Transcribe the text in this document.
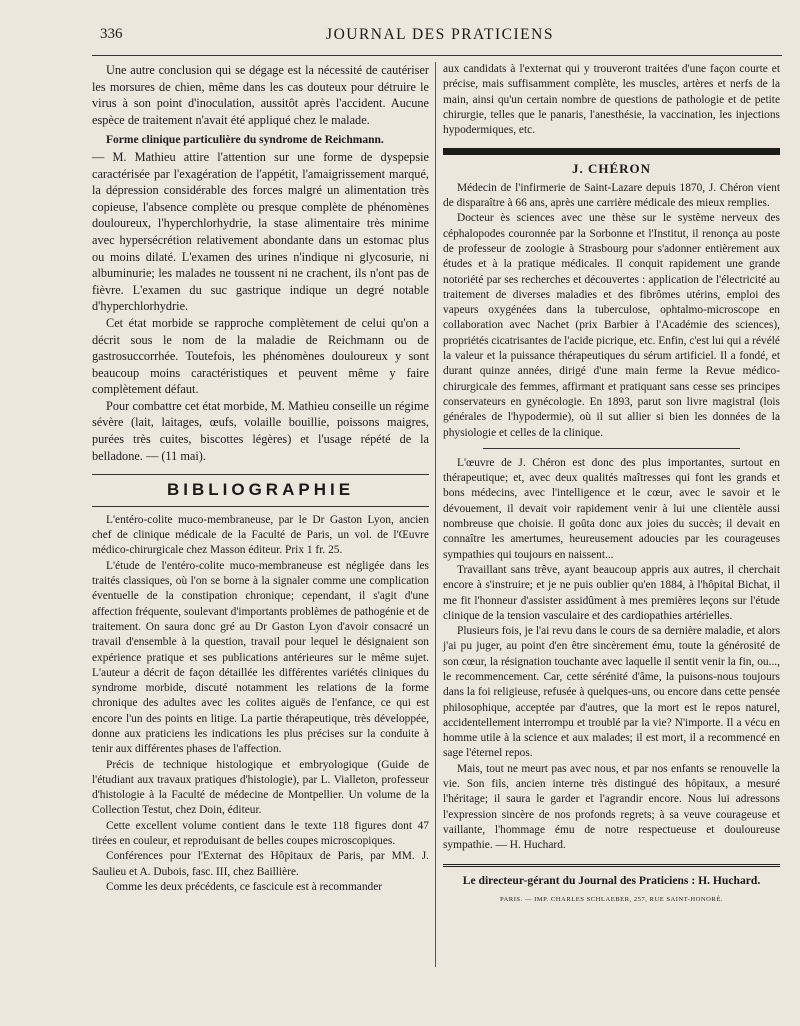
336	JOURNAL DES PRATICIENS

Une autre conclusion qui se dégage est la nécessité de cautériser les morsures de chien, même dans les cas douteux pour détruire le virus à son point d'inoculation, aussitôt après l'accident. Aucune espèce de traitement n'avait été appliqué chez le malade.

Forme clinique particulière du syndrome de Reichmann.

— M. Mathieu attire l'attention sur une forme de dyspepsie caractérisée par l'exagération de l'appétit, l'amaigrissement marqué, la dépression considérable des forces malgré un alimentation très copieuse, l'absence complète ou presque complète de phénomènes douloureux, l'hyperchlorhydrie, la stase alimentaire très minime avec hypersécrétion relativement abondante dans un estomac plus ou moins dilaté. L'examen des urines n'indique ni glycosurie, ni albuminurie; les malades ne toussent ni ne crachent, ils n'ont pas de fièvre. L'examen du suc gastrique indique un degré notable d'hyperchlorhydrie.

Cet état morbide se rapproche complètement de celui qu'on a décrit sous le nom de la maladie de Reichmann ou de gastrosuccorrhée. Toutefois, les phénomènes douloureux y sont beaucoup moins caractéristiques et peuvent même y faire complètement défaut.

Pour combattre cet état morbide, M. Mathieu conseille un régime sévère (lait, laitages, œufs, volaille bouillie, poissons maigres, purées très cuites, biscottes légères) et l'usage répété de la belladone. — (11 mai).

BIBLIOGRAPHIE

L'entéro-colite muco-membraneuse, par le Dr Gaston Lyon, ancien chef de clinique médicale de la Faculté de Paris, un vol. de l'Œuvre médico-chirurgicale chez Masson éditeur. Prix 1 fr. 25.

L'étude de l'entéro-colite muco-membraneuse est négligée dans les traités classiques, où l'on se borne à la signaler comme une complication éventuelle de la constipation chronique; cependant, il s'agit d'une affection fréquente, soulevant d'importants problèmes de pathogénie et de traitement. On saura donc gré au Dr Gaston Lyon d'avoir consacré un travail d'ensemble à la question, travail pour lequel le désignaient son expérience pratique et ses publications antérieures sur le même sujet. L'auteur a décrit de façon détaillée les différentes variétés cliniques du syndrome morbide, discuté notamment les relations de la forme chronique des adultes avec les colites aiguës de l'enfance, ce qui est encore l'un des points en litige. La partie thérapeutique, très développée, donne aux praticiens les indications les plus précises sur la conduite à tenir aux différentes phases de l'affection.

Précis de technique histologique et embryologique (Guide de l'étudiant aux travaux pratiques d'histologie), par L. Vialleton, professeur d'histologie à la Faculté de médecine de Montpellier. Un volume de la Collection Testut, chez Doin, éditeur.

Cette excellent volume contient dans le texte 118 figures dont 47 tirées en couleur, et reproduisant de belles coupes microscopiques.

Conférences pour l'Externat des Hôpitaux de Paris, par MM. J. Saulieu et A. Dubois, fasc. III, chez Baillière.

Comme les deux précédents, ce fascicule est à recommander

aux candidats à l'externat qui y trouveront traitées d'une façon courte et précise, mais suffisamment complète, les muscles, artères et nerfs de la main, ainsi qu'un certain nombre de questions de pathologie et de petite chirurgie, telles que le panaris, l'anesthésie, la vaccination, les injections hypodermiques, etc.

J. CHÉRON

Médecin de l'infirmerie de Saint-Lazare depuis 1870, J. Chéron vient de disparaître à 66 ans, après une carrière médicale des mieux remplies.

Docteur ès sciences avec une thèse sur le système nerveux des céphalopodes couronnée par la Sorbonne et l'Institut, il renonça au poste de professeur de zoologie à Strasbourg pour s'adonner entièrement aux études et à la pratique médicales. Il conquit rapidement une grande notoriété par ses recherches et découvertes : application de l'électricité au traitement de diverses maladies et des fibrômes utérins, emploi des vapeurs oxygénées dans la tuberculose, ophtalmo-microscope en collaboration avec Nachet (prix Barbier à l'Académie des sciences), propriétés cicatrisantes de l'acide picrique, etc. Enfin, c'est lui qui a révélé la valeur et la puissance thérapeutiques du sérum artificiel. Il a fondé, et durant quinze années, dirigé d'une main ferme la Revue médico-chirurgicale des femmes, affirmant et pratiquant sans cesse ses principes conservateurs en gynécologie. En 1893, parut son livre magistral (lois générales de l'hypodermie), où il sut allier si bien les données de la physiologie et celles de la clinique.

L'œuvre de J. Chéron est donc des plus importantes, surtout en thérapeutique; et, avec deux qualités maîtresses qui font les grands et bons médecins, avec l'intelligence et le cœur, avec le savoir et le dévouement, il devait voir rapidement venir à lui une clientèle aussi nombreuse que choisie. Il goûta donc aux joies du succès; il devait en connaître les amertumes, heureusement adoucies par les courageuses sympathies qui toujours en naissent...

Travaillant sans trêve, ayant beaucoup appris aux autres, il cherchait encore à s'instruire; et je ne puis oublier qu'en 1884, à l'hôpital Bichat, il me fit l'honneur d'assister assidûment à mes premières leçons sur l'étude clinique de la tension vasculaire et des cardiopathies artérielles.

Plusieurs fois, je l'ai revu dans le cours de sa dernière maladie, et alors j'ai pu juger, au point d'en être sincèrement ému, toute la générosité de son cœur, la résignation touchante avec laquelle il sentit venir la fin, ou..., le recommencement. Car, cette sérénité d'âme, la puisons-nous toujours dans la foi religieuse, refusée à quelques-uns, ou encore dans cette pensée philosophique, acceptée par d'autres, que la mort est le repos naturel, accidentellement interrompu et troublé par la vie? N'importe. Il a vécu en homme utile à la science et aux malades; il est mort, il a recommencé en sage l'éternel repos.

Mais, tout ne meurt pas avec nous, et par nos enfants se renouvelle la vie. Son fils, ancien interne très distingué des hôpitaux, a mesuré l'héritage; il saura le garder et l'agrandir encore. Nous lui adressons l'expression sincère de nos profonds regrets; à sa veuve courageuse et vaillante, l'hommage ému de notre respectueuse et douloureuse sympathie. — H. Huchard.

Le directeur-gérant du Journal des Praticiens : H. Huchard.
PARIS. — IMP. CHARLES SCHLAEBER, 257, RUE SAINT-HONORÉ.
